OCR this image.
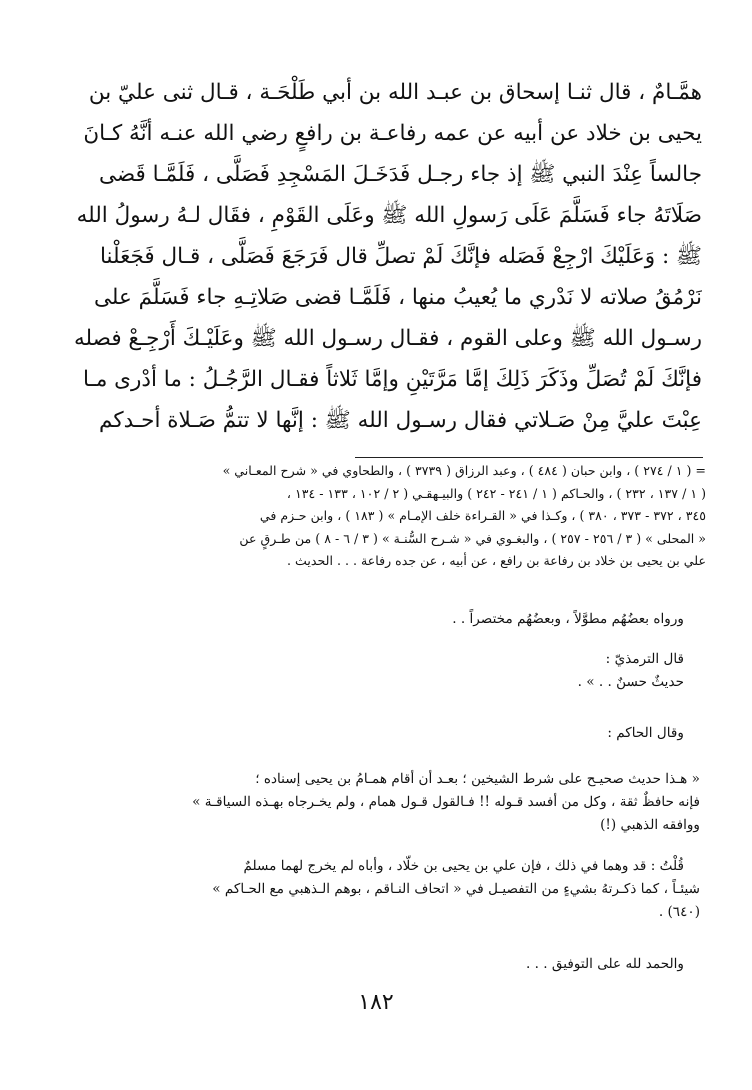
همَّـامٌ ، قال ثنـا إسحاق بن عبـد الله بن أبي طَلْحَـة ، قـال ثنى عليّ بن
يحيى بن خلاد عن أبيه عن عمه رفاعـة بن رافعٍ رضي الله عنـه أنَّهُ كـانَ
جالساً عِنْدَ النبي ﷺ إذ جاء رجـل فَدَخَـلَ المَسْجِدِ فَصَلَّى ، فَلَمَّـا قَضى
صَلَاتَهُ جاء فَسَلَّمَ عَلَى رَسولِ الله ﷺ وعَلَى القَوْمِ ، فقَال لـهُ رسولُ الله
ﷺ : وَعَلَيْكَ ارْجِعْ فَصَله فإنَّكَ لَمْ تصلِّ قال فَرَجَعَ فَصَلَّى ، قـال فَجَعَلْنا
نَرْمُقُ صلاته لا نَدْري ما يُعيبُ منها ، فَلَمَّـا قضى صَلاتِـهِ جاء فَسَلَّمَ على
رسـول الله ﷺ وعلى القوم ، فقـال رسـول الله ﷺ وعَلَيْـكَ أَرْجِـعْ فصله
فإنَّكَ لَمْ تُصَلِّ وذَكَرَ ذَلِكَ إمَّا مَرَّتَيْنِ وإمَّا ثَلاثاً فقـال الرَّجُـلُ : ما أدْرى مـا
عِبْتَ عليَّ مِنْ صَـلاتي فقال رسـول الله ﷺ : إنَّها لا تتمُّ صَـلاة أحـدكم
= ( ١ / ٢٧٤ ) ، وابن حبان ( ٤٨٤ ) ، وعبد الرزاق ( ٣٧٣٩ ) ، والطحاوي في « شرح المعـاني »
( ١ / ١٣٧ ، ٢٣٢ ) ، والحـاكم ( ١ / ٢٤١ - ٢٤٢ ) والبيـهقـي ( ٢ / ١٠٢ ، ١٣٣ - ١٣٤ ،
٣٤٥ ، ٣٧٢ - ٣٧٣ ، ٣٨٠ ) ، وكـذا في « القـراءة خلف الإمـام » ( ١٨٣ ) ، وابن حـزم في
« المحلى » ( ٣ / ٢٥٦ - ٢٥٧ ) ، والبغـوي في « شـرح السُّنـة » ( ٣ / ٦ - ٨ ) من طـرقٍ عن
علي بن يحيى بن خلاد بن رفاعة بن رافع ، عن أبيه ، عن جده رفاعة . . . الحديث .
ورواه بعضُهُم مطوَّلاً ، وبعضُهُم مختصراً . .
قال الترمذيّ :
حديثٌ حسنٌ . . » .
وقال الحاكم :
« هـذا حديث صحيـح على شرط الشيخين ؛ بعـد أن أقام همـامُ بن يحيى إسناده ؛
فإنه حافظٌ ثقة ، وكل من أفسد قـوله !! فـالقول قـول همام ، ولم يخـرجاه بهـذه السياقـة »
ووافقه الذهبي (!)
قُلْتُ : قد وهما في ذلك ، فإن علي بن يحيى بن خلّاد ، وأباه لم يخرج لهما مسلمٌ
شيئـاً ، كما ذكـرتهُ بشيءٍ من التفصيـل في « اتحاف النـاقم ، بوهم الـذهبي مع الحـاكم »
(٦٤٠) .
والحمد لله على التوفيق . . .
١٨٢
